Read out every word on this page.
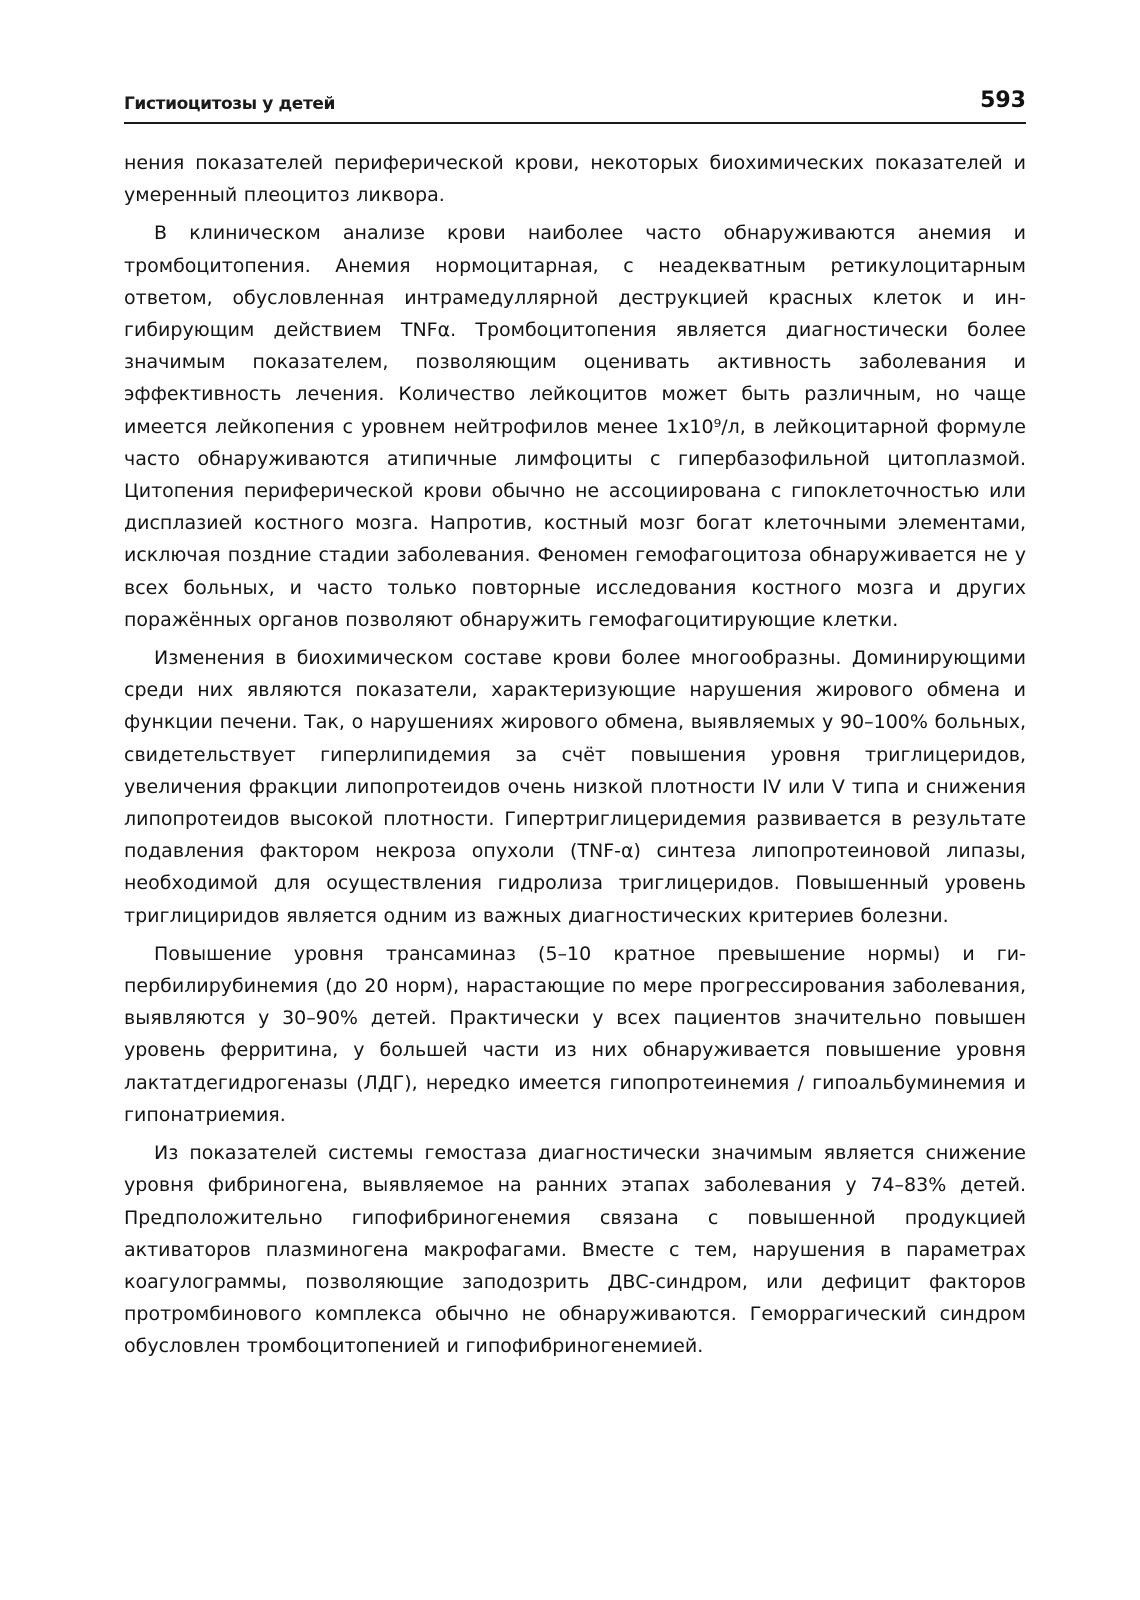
Гистиоцитозы у детей	593

нения показателей периферической крови, некоторых биохимических показателей и умеренный плеоцитоз ликвора.

В клиническом анализе крови наиболее часто обнаруживаются анемия и тромбоцитопения. Анемия нормоцитарная, с неадекватным ретикулоцитарным ответом, обусловленная интрамедуллярной деструкцией красных клеток и ингибирующим действием TNFα. Тромбоцитопения является диагностически более значимым показателем, позволяющим оценивать активность заболевания и эффективность лечения. Количество лейкоцитов может быть различным, но чаще имеется лейкопения с уровнем нейтрофилов менее 1х10⁹/л, в лейкоцитарной формуле часто обнаруживаются атипичные лимфоциты с гипербазофильной цитоплазмой. Цитопения периферической крови обычно не ассоциирована с гипоклеточностью или дисплазией костного мозга. Напротив, костный мозг богат клеточными элементами, исключая поздние стадии заболевания. Феномен гемофагоцитоза обнаруживается не у всех больных, и часто только повторные исследования костного мозга и других поражённых органов позволяют обнаружить гемофагоцитирующие клетки.

Изменения в биохимическом составе крови более многообразны. Доминирующими среди них являются показатели, характеризующие нарушения жирового обмена и функции печени. Так, о нарушениях жирового обмена, выявляемых у 90–100% больных, свидетельствует гиперлипидемия за счёт повышения уровня триглицеридов, увеличения фракции липопротеидов очень низкой плотности IV или V типа и снижения липопротеидов высокой плотности. Гипертриглицеридемия развивается в результате подавления фактором некроза опухоли (TNF-α) синтеза липопротеиновой липазы, необходимой для осуществления гидролиза триглицеридов. Повышенный уровень триглициридов является одним из важных диагностических критериев болезни.

Повышение уровня трансаминаз (5–10 кратное превышение нормы) и гипербилирубинемия (до 20 норм), нарастающие по мере прогрессирования заболевания, выявляются у 30–90% детей. Практически у всех пациентов значительно повышен уровень ферритина, у большей части из них обнаруживается повышение уровня лактатдегидрогеназы (ЛДГ), нередко имеется гипопротеинемия / гипоальбуминемия и гипонатриемия.

Из показателей системы гемостаза диагностически значимым является снижение уровня фибриногена, выявляемое на ранних этапах заболевания у 74–83% детей. Предположительно гипофибриногенемия связана с повышенной продукцией активаторов плазминогена макрофагами. Вместе с тем, нарушения в параметрах коагулограммы, позволяющие заподозрить ДВС-синдром, или дефицит факторов протромбинового комплекса обычно не обнаруживаются. Геморрагический синдром обусловлен тромбоцитопенией и гипофибриногенемией.
